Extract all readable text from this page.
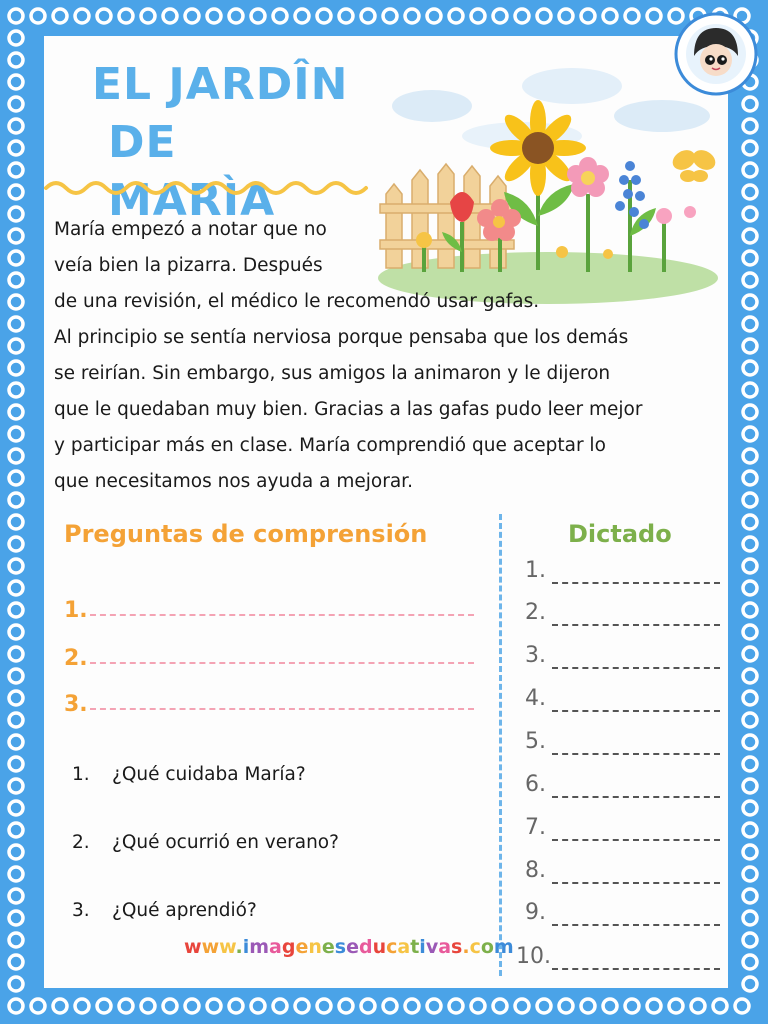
EL JARDÎN
DE MARÌA
María empezó a notar que no
veía bien la pizarra. Después
de una revisión, el médico le recomendó usar gafas.
Al principio se sentía nerviosa porque pensaba que los demás
se reirían. Sin embargo, sus amigos la animaron y le dijeron
que le quedaban muy bien. Gracias a las gafas pudo leer mejor
y participar más en clase. María comprendió que aceptar lo
que necesitamos nos ayuda a mejorar.
Preguntas de comprensión
1.
2.
3.
1. ¿Qué cuidaba María?
2. ¿Qué ocurrió en verano?
3. ¿Qué aprendió?
Dictado
1.
2.
3.
4.
5.
6.
7.
8.
9.
10.
www.imageneseducativas.com
